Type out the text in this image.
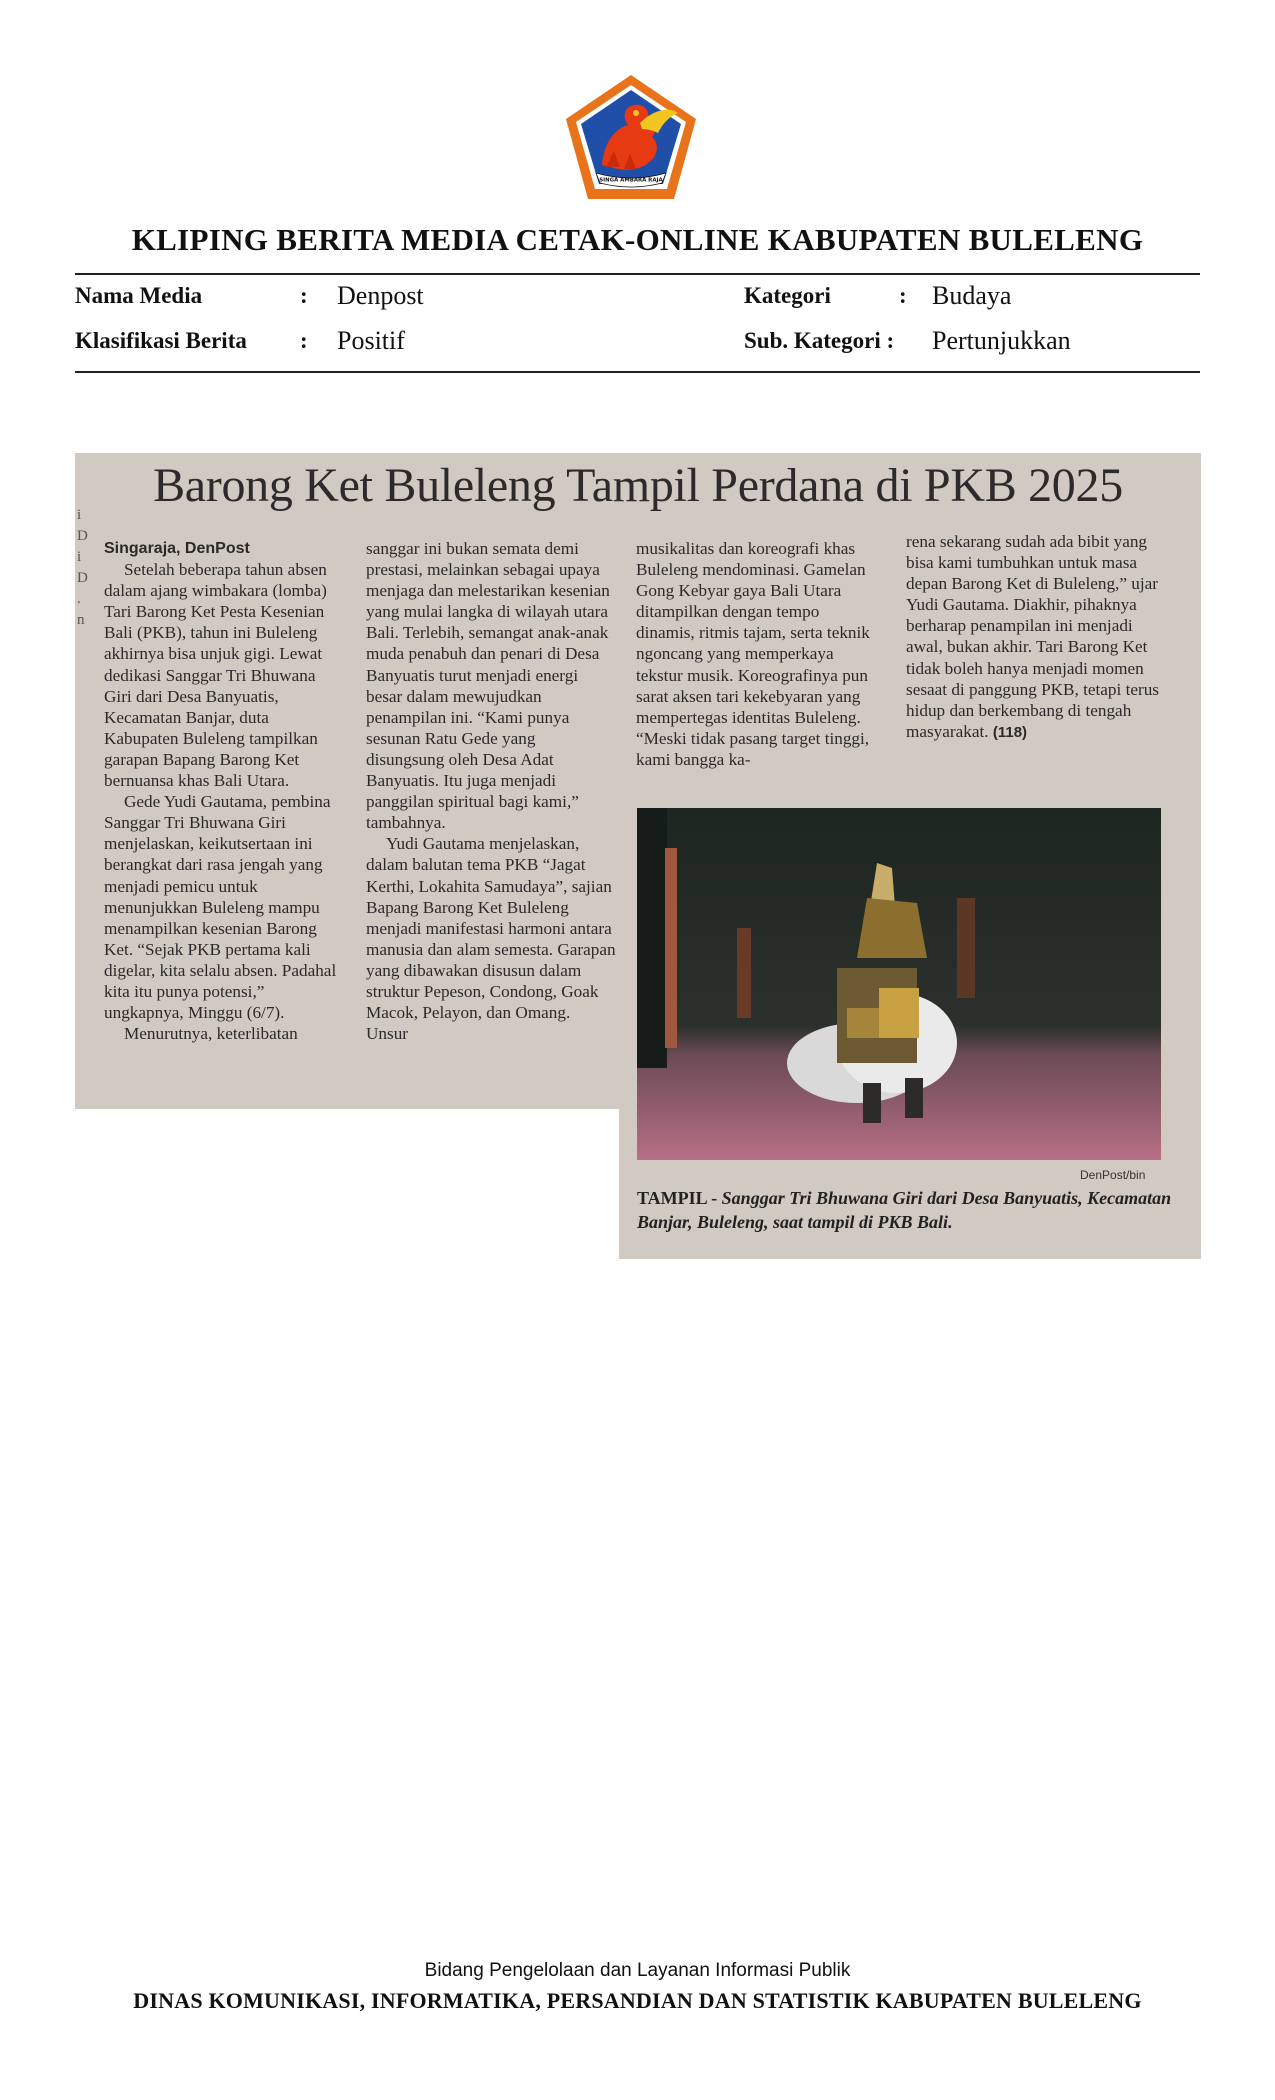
SINGA AMBARA RAJA
KLIPING BERITA MEDIA CETAK-ONLINE KABUPATEN BULELENG
Nama Media	: Denpost	Kategori	: Budaya
Klasifikasi Berita : Positif	Sub. Kategori : Pertunjukkan
Barong Ket Buleleng Tampil Perdana di PKB 2025
i
D
i
D
.
n

Singaraja, DenPost

Setelah beberapa tahun absen dalam ajang wimbakara (lomba) Tari Barong Ket Pesta Kesenian Bali (PKB), tahun ini Buleleng akhirnya bisa unjuk gigi. Lewat dedikasi Sanggar Tri Bhuwana Giri dari Desa Banyuatis, Kecamatan Banjar, duta Kabupaten Buleleng tampilkan garapan Bapang Barong Ket bernuansa khas Bali Utara.

Gede Yudi Gautama, pembina Sanggar Tri Bhuwana Giri menjelaskan, keikutsertaan ini berangkat dari rasa jengah yang menjadi pemicu untuk menunjukkan Buleleng mampu menampilkan kesenian Barong Ket. “Sejak PKB pertama kali digelar, kita selalu absen. Padahal kita itu punya potensi,” ungkapnya, Minggu (6/7).

Menurutnya, keterlibatan

sanggar ini bukan semata demi prestasi, melainkan sebagai upaya menjaga dan melestarikan kesenian yang mulai langka di wilayah utara Bali. Terlebih, semangat anak-anak muda penabuh dan penari di Desa Banyuatis turut menjadi energi besar dalam mewujudkan penampilan ini. “Kami punya sesunan Ratu Gede yang disungsung oleh Desa Adat Banyuatis. Itu juga menjadi panggilan spiritual bagi kami,” tambahnya.

Yudi Gautama menjelaskan, dalam balutan tema PKB “Jagat Kerthi, Lokahita Samudaya”, sajian Bapang Barong Ket Buleleng menjadi manifestasi harmoni antara manusia dan alam semesta. Garapan yang dibawakan disusun dalam struktur Pepeson, Condong, Goak Macok, Pelayon, dan Omang. Unsur

musikalitas dan koreografi khas Buleleng mendominasi. Gamelan Gong Kebyar gaya Bali Utara ditampilkan dengan tempo dinamis, ritmis tajam, serta teknik ngoncang yang memperkaya tekstur musik. Koreografinya pun sarat aksen tari kekebyaran yang mempertegas identitas Buleleng. “Meski tidak pasang target tinggi, kami bangga ka-

rena sekarang sudah ada bibit yang bisa kami tumbuhkan untuk masa depan Barong Ket di Buleleng,” ujar Yudi Gautama. Diakhir, pihaknya berharap penampilan ini menjadi awal, bukan akhir. Tari Barong Ket tidak boleh hanya menjadi momen sesaat di panggung PKB, tetapi terus hidup dan berkembang di tengah masyarakat. (118)

DenPost/bin
TAMPIL - Sanggar Tri Bhuwana Giri dari Desa Banyuatis, Kecamatan Banjar, Buleleng, saat tampil di PKB Bali.
Bidang Pengelolaan dan Layanan Informasi Publik
DINAS KOMUNIKASI, INFORMATIKA, PERSANDIAN DAN STATISTIK KABUPATEN BULELENG
